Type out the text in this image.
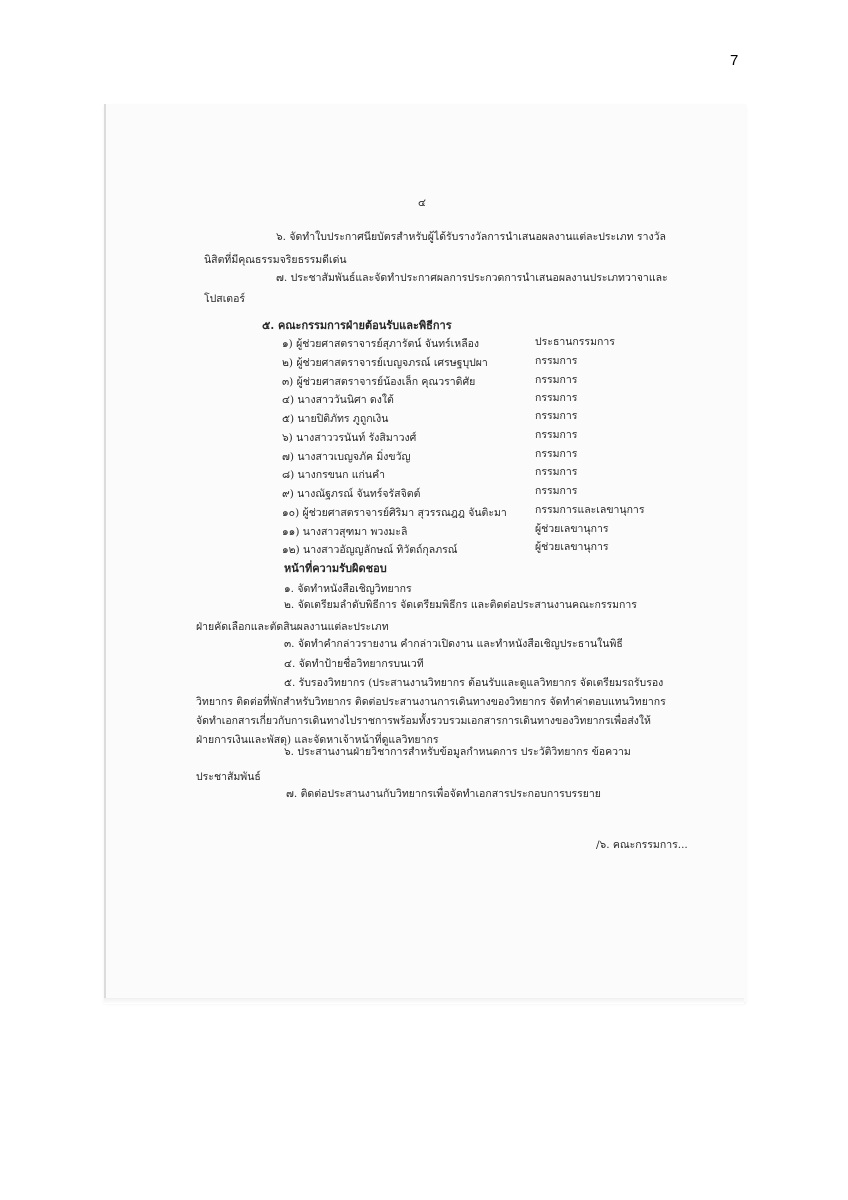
7
๔
๖. จัดทำใบประกาศนียบัตรสำหรับผู้ได้รับรางวัลการนำเสนอผลงานแต่ละประเภท รางวัล
นิสิตที่มีคุณธรรมจริยธรรมดีเด่น
๗. ประชาสัมพันธ์และจัดทำประกาศผลการประกวดการนำเสนอผลงานประเภทวาจาและ
โปสเตอร์
๕. คณะกรรมการฝ่ายต้อนรับและพิธีการ
๑) ผู้ช่วยศาสตราจารย์สุภารัตน์ จันทร์เหลือง	ประธานกรรมการ
๒) ผู้ช่วยศาสตราจารย์เบญจภรณ์ เศรษฐบุปผา	กรรมการ
๓) ผู้ช่วยศาสตราจารย์น้องเล็ก คุณวราดิศัย	กรรมการ
๔) นางสาววันนิศา ดงใต้	กรรมการ
๕) นายปิติภัทร ภูถูกเงิน	กรรมการ
๖) นางสาววรนันท์ รังสิมาวงศ์	กรรมการ
๗) นางสาวเบญจภัค มิ่งขวัญ	กรรมการ
๘) นางกรขนก แก่นคำ	กรรมการ
๙) นางณัฐภรณ์ จันทร์จรัสจิตต์	กรรมการ
๑๐) ผู้ช่วยศาสตราจารย์ศิริมา สุวรรณฎฎ จันติะมา	กรรมการและเลขานุการ
๑๑) นางสาวสุฑมา พวงมะลิ	ผู้ช่วยเลขานุการ
๑๒) นางสาวอัญญลักษณ์ ทิวัตถ์กุลภรณ์	ผู้ช่วยเลขานุการ
หน้าที่ความรับผิดชอบ
๑. จัดทำหนังสือเชิญวิทยากร
๒. จัดเตรียมลำดับพิธีการ จัดเตรียมพิธีกร และติดต่อประสานงานคณะกรรมการ
ฝ่ายคัดเลือกและตัดสินผลงานแต่ละประเภท
๓. จัดทำคำกล่าวรายงาน คำกล่าวเปิดงาน และทำหนังสือเชิญประธานในพิธี
๔. จัดทำป้ายชื่อวิทยากรบนเวที
๕. รับรองวิทยากร (ประสานงานวิทยากร ต้อนรับและดูแลวิทยากร จัดเตรียมรถรับรอง
วิทยากร ติดต่อที่พักสำหรับวิทยากร ติดต่อประสานงานการเดินทางของวิทยากร จัดทำค่าตอบแทนวิทยากร
จัดทำเอกสารเกี่ยวกับการเดินทางไปราชการพร้อมทั้งรวบรวมเอกสารการเดินทางของวิทยากรเพื่อส่งให้
ฝ่ายการเงินและพัสดุ) และจัดหาเจ้าหน้าที่ดูแลวิทยากร
๖. ประสานงานฝ่ายวิชาการสำหรับข้อมูลกำหนดการ ประวัติวิทยากร ข้อความ
ประชาสัมพันธ์
๗. ติดต่อประสานงานกับวิทยากรเพื่อจัดทำเอกสารประกอบการบรรยาย
/๖. คณะกรรมการ...
